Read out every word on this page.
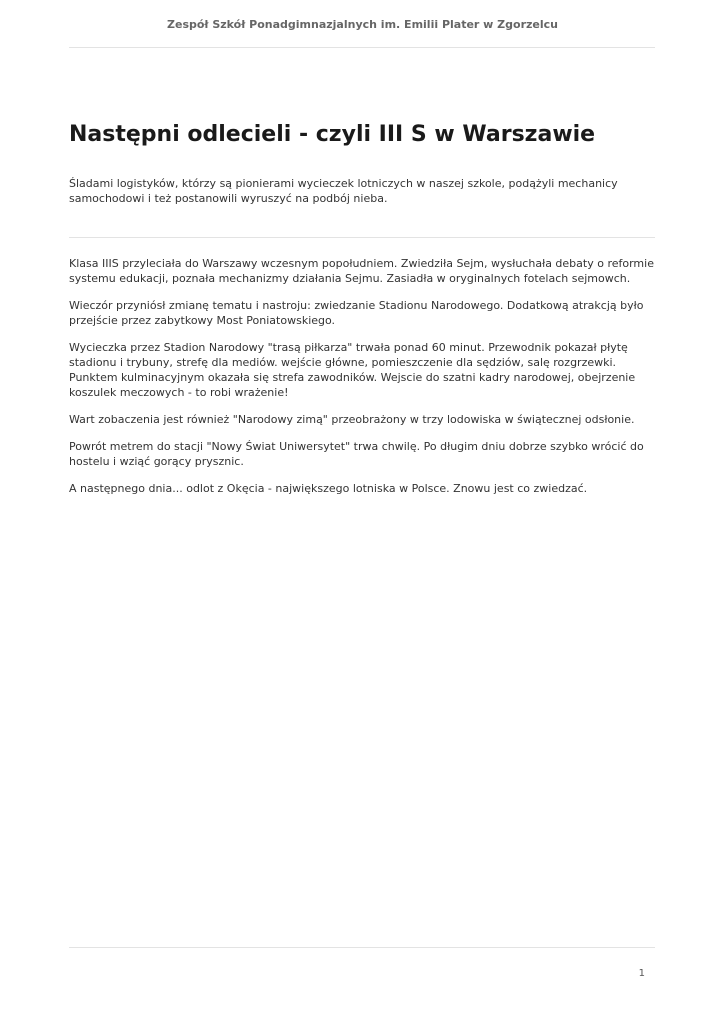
Zespół Szkół Ponadgimnazjalnych im. Emilii Plater w Zgorzelcu
Następni odlecieli - czyli III S w Warszawie

Śladami logistyków, którzy są pionierami wycieczek lotniczych w naszej szkole, podążyli mechanicy samochodowi i też postanowili wyruszyć na podbój nieba.

Klasa IIIS przyleciała do Warszawy wczesnym popołudniem. Zwiedziła Sejm, wysłuchała debaty o reformie systemu edukacji, poznała mechanizmy działania Sejmu. Zasiadła w oryginalnych fotelach sejmowch.

Wieczór przyniósł zmianę tematu i nastroju: zwiedzanie Stadionu Narodowego. Dodatkową atrakcją było przejście przez zabytkowy Most Poniatowskiego.

Wycieczka przez Stadion Narodowy "trasą piłkarza" trwała ponad 60 minut. Przewodnik pokazał płytę stadionu i trybuny, strefę dla mediów. wejście główne, pomieszczenie dla sędziów, salę rozgrzewki. Punktem kulminacyjnym okazała się strefa zawodników. Wejscie do szatni kadry narodowej, obejrzenie koszulek meczowych - to robi wrażenie!

Wart zobaczenia jest również "Narodowy zimą" przeobrażony w trzy lodowiska w świątecznej odsłonie.

Powrót metrem do stacji "Nowy Świat Uniwersytet" trwa chwilę. Po długim dniu dobrze szybko wrócić do hostelu i wziąć gorący prysznic.

A następnego dnia... odlot z Okęcia - największego lotniska w Polsce. Znowu jest co zwiedzać.

1
